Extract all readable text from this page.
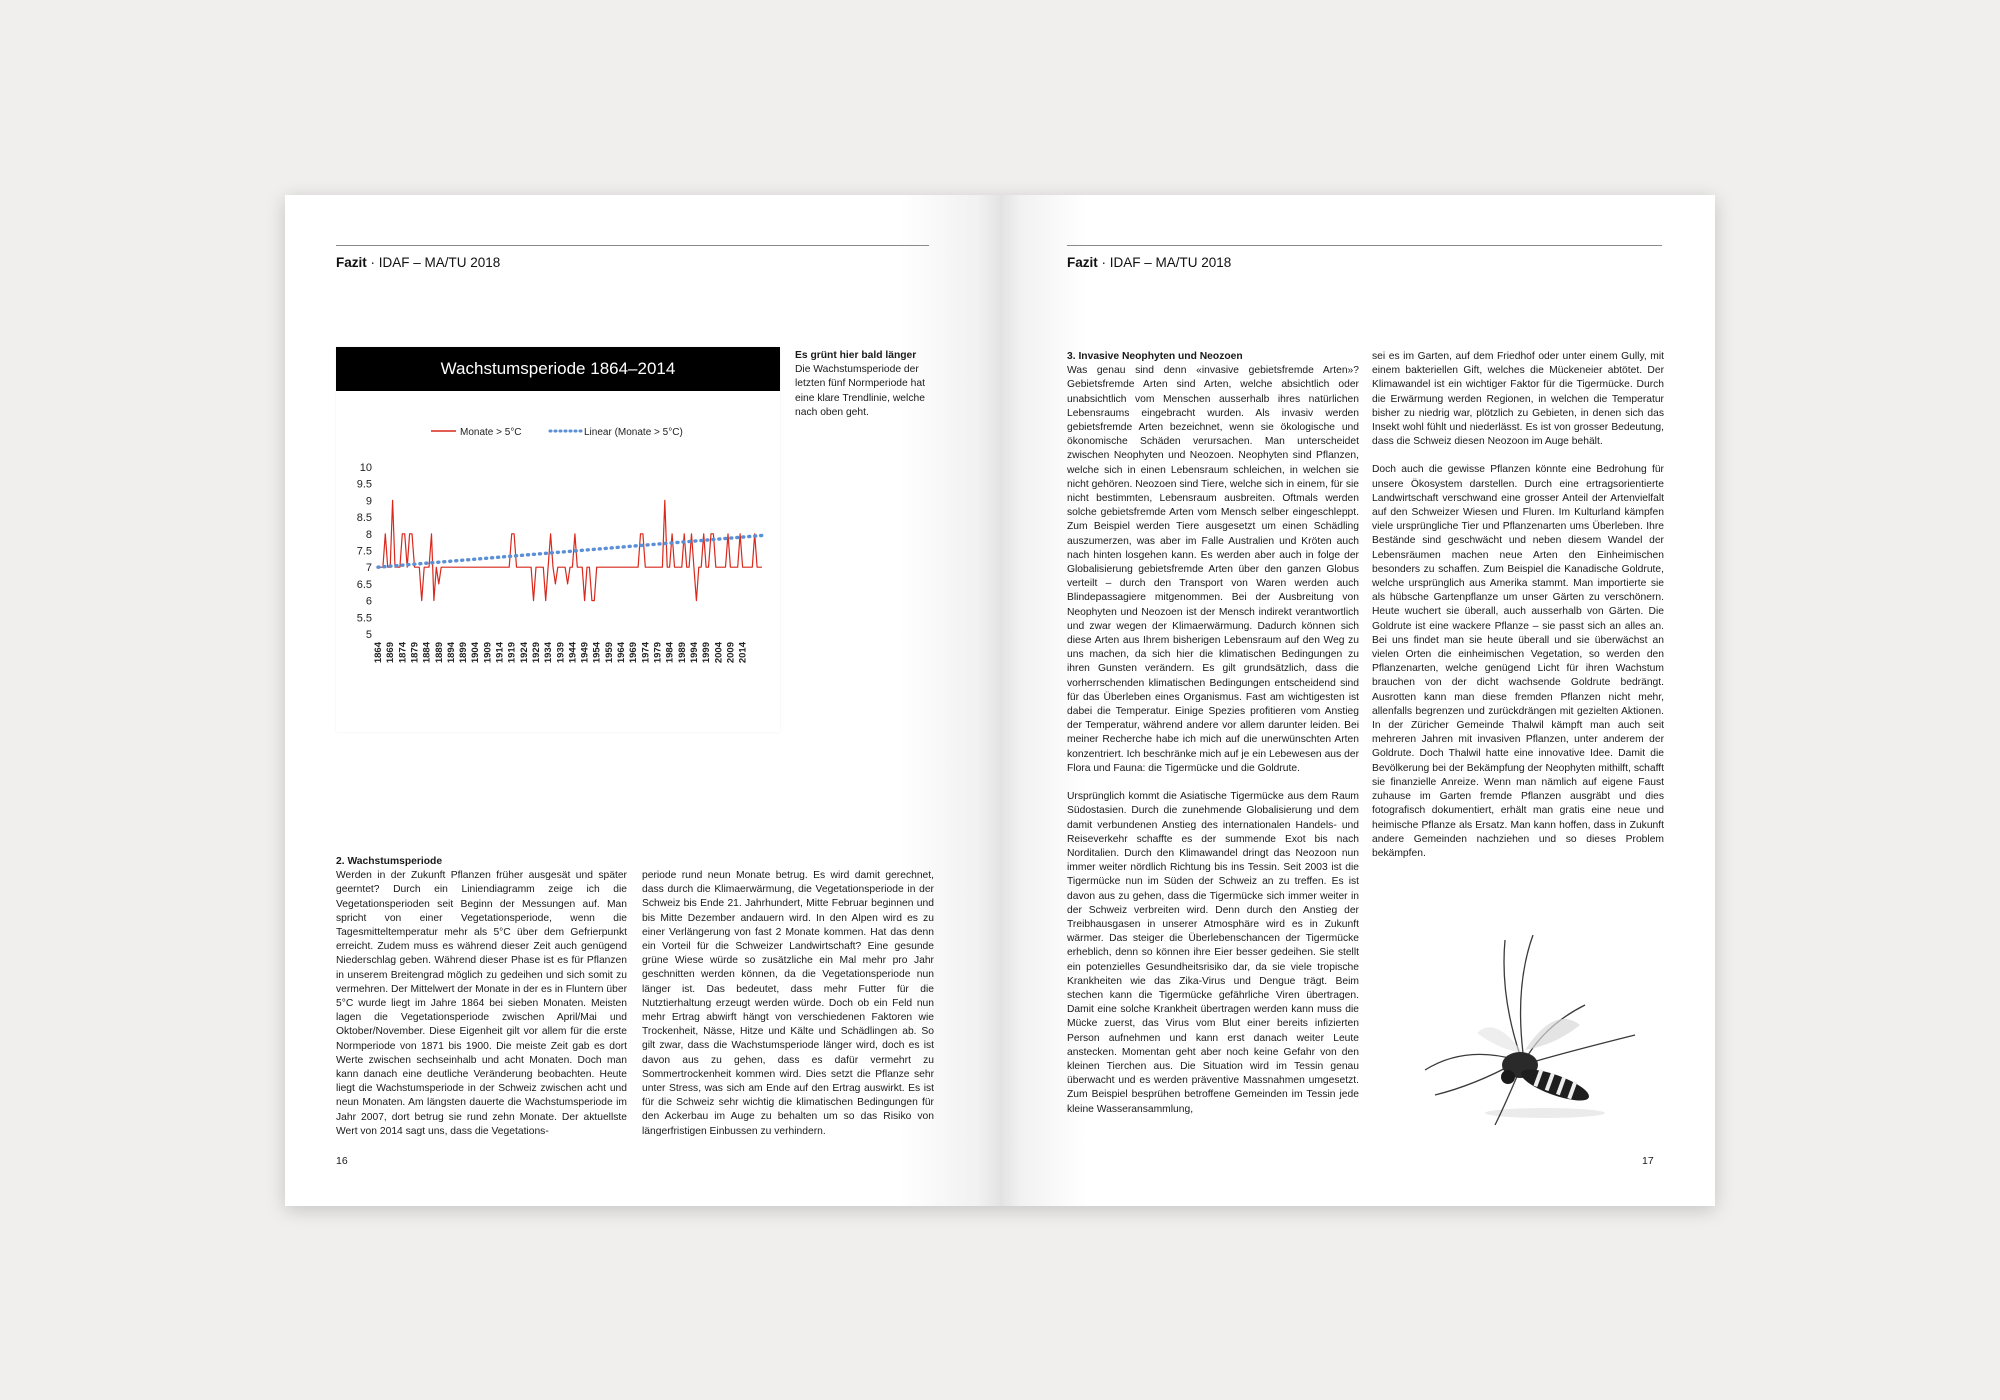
Fazit · IDAF – MA/TU 2018
Wachstumsperiode 1864–2014
Monate > 5°C	Linear (Monate > 5°C)
10
9.5
9
8.5
8
7.5
7
6.5
6
5.5
5
1864 1869 1874 1879 1884 1889 1894 1899 1904 1909 1914 1919 1924 1929 1934 1939 1944 1949 1954 1959 1964 1969 1974 1979 1984 1989 1994 1999 2004 2009 2014
Es grünt hier bald länger
Die Wachstumsperiode der letzten fünf Normperiode hat eine klare Trendlinie, welche nach oben geht.
2. Wachstumsperiode
Werden in der Zukunft Pflanzen früher ausgesät und später geerntet? Durch ein Liniendiagramm zeige ich die Vegetationsperioden seit Beginn der Messungen auf. Man spricht von einer Vegetationsperiode, wenn die Tagesmitteltemperatur mehr als 5°C über dem Gefrierpunkt erreicht. Zudem muss es während dieser Zeit auch genügend Niederschlag geben. Während dieser Phase ist es für Pflanzen in unserem Breitengrad möglich zu gedeihen und sich somit zu vermehren. Der Mittelwert der Monate in der es in Fluntern über 5°C wurde liegt im Jahre 1864 bei sieben Monaten. Meisten lagen die Vegetationsperiode zwischen April/Mai und Oktober/November. Diese Eigenheit gilt vor allem für die erste Normperiode von 1871 bis 1900. Die meiste Zeit gab es dort Werte zwischen sechseinhalb und acht Monaten. Doch man kann danach eine deutliche Veränderung beobachten. Heute liegt die Wachstumsperiode in der Schweiz zwischen acht und neun Monaten. Am längsten dauerte die Wachstumsperiode im Jahr 2007, dort betrug sie rund zehn Monate. Der aktuellste Wert von 2014 sagt uns, dass die Vegetations-
periode rund neun Monate betrug. Es wird damit gerechnet, dass durch die Klimaerwärmung, die Vegetationsperiode in der Schweiz bis Ende 21. Jahrhundert, Mitte Februar beginnen und bis Mitte Dezember andauern wird. In den Alpen wird es zu einer Verlängerung von fast 2 Monate kommen. Hat das denn ein Vorteil für die Schweizer Landwirtschaft? Eine gesunde grüne Wiese würde so zusätzliche ein Mal mehr pro Jahr geschnitten werden können, da die Vegetationsperiode nun länger ist. Das bedeutet, dass mehr Futter für die Nutztierhaltung erzeugt werden würde. Doch ob ein Feld nun mehr Ertrag abwirft hängt von verschiedenen Faktoren wie Trockenheit, Nässe, Hitze und Kälte und Schädlingen ab. So gilt zwar, dass die Wachstumsperiode länger wird, doch es ist davon aus zu gehen, dass es dafür vermehrt zu Sommertrockenheit kommen wird. Dies setzt die Pflanze sehr unter Stress, was sich am Ende auf den Ertrag auswirkt. Es ist für die Schweiz sehr wichtig die klimatischen Bedingungen für den Ackerbau im Auge zu behalten um so das Risiko von längerfristigen Einbussen zu verhindern.
16
Fazit · IDAF – MA/TU 2018
3. Invasive Neophyten und Neozoen

Was genau sind denn «invasive gebietsfremde Arten»? Gebietsfremde Arten sind Arten, welche absichtlich oder unabsichtlich vom Menschen ausserhalb ihres natürlichen Lebensraums eingebracht wurden. Als invasiv werden gebietsfremde Arten bezeichnet, wenn sie ökologische und ökonomische Schäden verursachen. Man unterscheidet zwischen Neophyten und Neozoen. Neophyten sind Pflanzen, welche sich in einen Lebensraum schleichen, in welchen sie nicht gehören. Neozoen sind Tiere, welche sich in einem, für sie nicht bestimmten, Lebensraum ausbreiten. Oftmals werden solche gebietsfremde Arten vom Mensch selber eingeschleppt. Zum Beispiel werden Tiere ausgesetzt um einen Schädling auszumerzen, was aber im Falle Australien und Kröten auch nach hinten losgehen kann. Es werden aber auch in folge der Globalisierung gebietsfremde Arten über den ganzen Globus verteilt – durch den Transport von Waren werden auch Blindepassagiere mitgenommen. Bei der Ausbreitung von Neophyten und Neozoen ist der Mensch indirekt verantwortlich und zwar wegen der Klimaerwärmung. Dadurch können sich diese Arten aus Ihrem bisherigen Lebensraum auf den Weg zu uns machen, da sich hier die klimatischen Bedingungen zu ihren Gunsten verändern. Es gilt grundsätzlich, dass die vorherrschenden klimatischen Bedingungen entscheidend sind für das Überleben eines Organismus. Fast am wichtigesten ist dabei die Temperatur. Einige Spezies profitieren vom Anstieg der Temperatur, während andere vor allem darunter leiden. Bei meiner Recherche habe ich mich auf die unerwünschten Arten konzentriert. Ich beschränke mich auf je ein Lebewesen aus der Flora und Fauna: die Tigermücke und die Goldrute.

Ursprünglich kommt die Asiatische Tigermücke aus dem Raum Südostasien. Durch die zunehmende Globalisierung und dem damit verbundenen Anstieg des internationalen Handels- und Reiseverkehr schaffte es der summende Exot bis nach Norditalien. Durch den Klimawandel dringt das Neozoon nun immer weiter nördlich Richtung bis ins Tessin. Seit 2003 ist die Tigermücke nun im Süden der Schweiz an zu treffen. Es ist davon aus zu gehen, dass die Tigermücke sich immer weiter in der Schweiz verbreiten wird. Denn durch den Anstieg der Treibhausgasen in unserer Atmosphäre wird es in Zukunft wärmer. Das steiger die Überlebenschancen der Tigermücke erheblich, denn so können ihre Eier besser gedeihen. Sie stellt ein potenzielles Gesundheitsrisiko dar, da sie viele tropische Krankheiten wie das Zika-Virus und Dengue trägt. Beim stechen kann die Tigermücke gefährliche Viren übertragen. Damit eine solche Krankheit übertragen werden kann muss die Mücke zuerst, das Virus vom Blut einer bereits infizierten Person aufnehmen und kann erst danach weiter Leute anstecken. Momentan geht aber noch keine Gefahr von den kleinen Tierchen aus. Die Situation wird im Tessin genau überwacht und es werden präventive Massnahmen umgesetzt. Zum Beispiel besprühen betroffene Gemeinden im Tessin jede kleine Wasseransammlung,

sei es im Garten, auf dem Friedhof oder unter einem Gully, mit einem bakteriellen Gift, welches die Mückeneier abtötet. Der Klimawandel ist ein wichtiger Faktor für die Tigermücke. Durch die Erwärmung werden Regionen, in welchen die Temperatur bisher zu niedrig war, plötzlich zu Gebieten, in denen sich das Insekt wohl fühlt und niederlässt. Es ist von grosser Bedeutung, dass die Schweiz diesen Neozoon im Auge behält.

Doch auch die gewisse Pflanzen könnte eine Bedrohung für unsere Ökosystem darstellen. Durch eine ertragsorientierte Landwirtschaft verschwand eine grosser Anteil der Artenvielfalt auf den Schweizer Wiesen und Fluren. Im Kulturland kämpfen viele ursprüngliche Tier und Pflanzenarten ums Überleben. Ihre Bestände sind geschwächt und neben diesem Wandel der Lebensräumen machen neue Arten den Einheimischen besonders zu schaffen. Zum Beispiel die Kanadische Goldrute, welche ursprünglich aus Amerika stammt. Man importierte sie als hübsche Gartenpflanze um unser Gärten zu verschönern. Heute wuchert sie überall, auch ausserhalb von Gärten. Die Goldrute ist eine wackere Pflanze – sie passt sich an alles an. Bei uns findet man sie heute überall und sie überwächst an vielen Orten die einheimischen Vegetation, so werden den Pflanzenarten, welche genügend Licht für ihren Wachstum brauchen von der dicht wachsende Goldrute bedrängt. Ausrotten kann man diese fremden Pflanzen nicht mehr, allenfalls begrenzen und zurückdrängen mit gezielten Aktionen. In der Züricher Gemeinde Thalwil kämpft man auch seit mehreren Jahren mit invasiven Pflanzen, unter anderem der Goldrute. Doch Thalwil hatte eine innovative Idee. Damit die Bevölkerung bei der Bekämpfung der Neophyten mithilft, schafft sie finanzielle Anreize. Wenn man nämlich auf eigene Faust zuhause im Garten fremde Pflanzen ausgräbt und dies fotografisch dokumentiert, erhält man gratis eine neue und heimische Pflanze als Ersatz. Man kann hoffen, dass in Zukunft andere Gemeinden nachziehen und so dieses Problem bekämpfen.

17
